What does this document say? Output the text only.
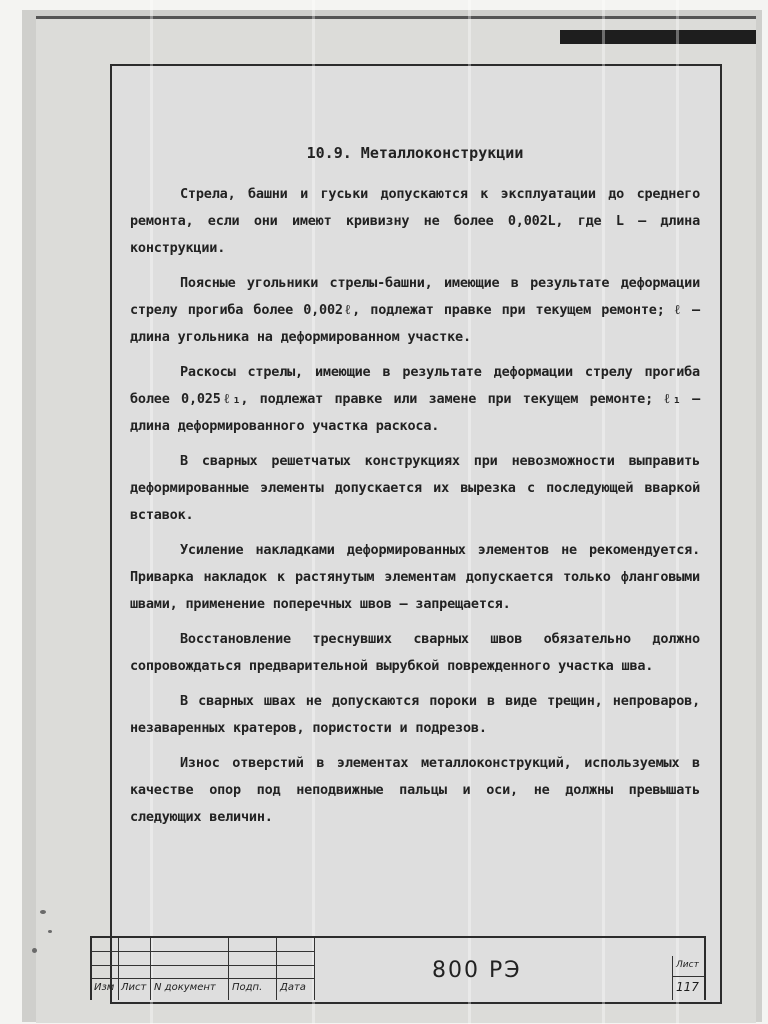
10.9. Металлоконструкции

Стрела, башни и гуськи допускаются к эксплуатации до среднего ремонта, если они имеют кривизну не более 0,002L, где L – длина конструкции.

Поясные угольники стрелы-башни, имеющие в результате деформации стрелу прогиба более 0,002ℓ, подлежат правке при текущем ремонте; ℓ – длина угольника на деформированном участке.

Раскосы стрелы, имеющие в результате деформации стрелу прогиба более 0,025ℓ₁, подлежат правке или замене при текущем ремонте; ℓ₁ – длина деформированного участка раскоса.

В сварных решетчатых конструкциях при невозможности выправить деформированные элементы допускается их вырезка с последующей вваркой вставок.

Усиление накладками деформированных элементов не рекомендуется. Приварка накладок к растянутым элементам допускается только фланговыми швами, применение поперечных швов – запрещается.

Восстановление треснувших сварных швов обязательно должно сопровождаться предварительной вырубкой поврежденного участка шва.

В сварных швах не допускаются пороки в виде трещин, непроваров, незаваренных кратеров, пористости и подрезов.

Износ отверстий в элементах металлоконструкций, используемых в качестве опор под неподвижные пальцы и оси, не должны превышать следующих величин.

Изм Лист N документ Подп. Дата
800 РЭ	Лист
117
